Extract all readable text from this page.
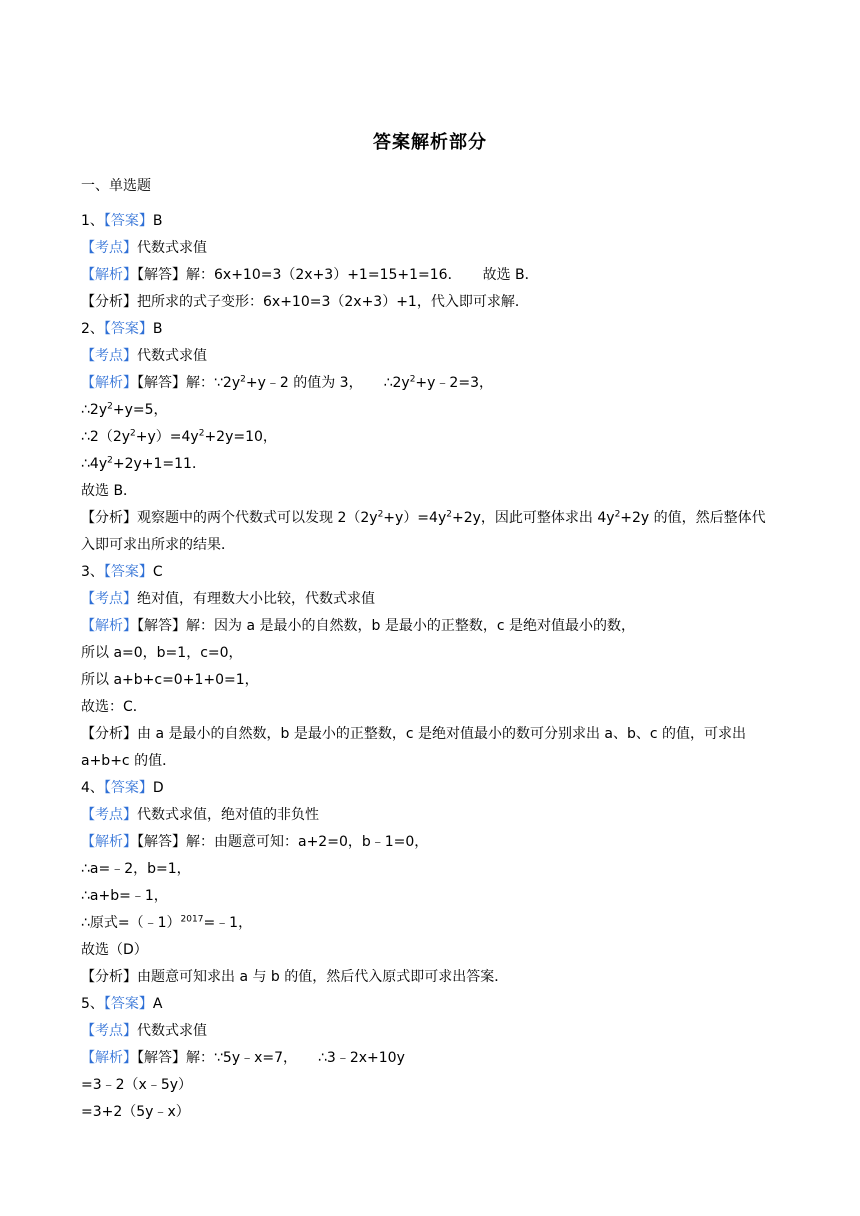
答案解析部分
一、单选题
1、【答案】B
【考点】代数式求值
【解析】【解答】解：6x+10=3（2x+3）+1=15+1=16．　　故选 B．
【分析】把所求的式子变形：6x+10=3（2x+3）+1，代入即可求解．
2、【答案】B
【考点】代数式求值
【解析】【解答】解：$\because 2y^2+y﹣2$ 的值为 3，　　$\therefore 2y^2+y﹣2=3$，
$\therefore 2y^2+y=5$，
$\therefore 2(2y^2+y)=4y^2+2y=10$，
$\therefore 4y^2+2y+1=11$．
故选 B．
【分析】观察题中的两个代数式可以发现 $2(2y^2+y)=4y^2+2y$，因此可整体求出 $4y^2+2y$ 的值，然后整体代
入即可求出所求的结果．
3、【答案】C
【考点】绝对值，有理数大小比较，代数式求值
【解析】【解答】解：因为 a 是最小的自然数，b 是最小的正整数，c 是绝对值最小的数，
所以 a=0，b=1，c=0，
所以 a+b+c=0+1+0=1，
故选：C．
【分析】由 a 是最小的自然数，b 是最小的正整数，c 是绝对值最小的数可分别求出 a、b、c 的值，可求出
a+b+c 的值．
4、【答案】D
【考点】代数式求值，绝对值的非负性
【解析】【解答】解：由题意可知：a+2=0，b﹣1=0，
∴a=﹣2，b=1，
∴a+b=﹣1，
∴原式=（﹣1）$^{2017}$=﹣1，
故选（D）
【分析】由题意可知求出 a 与 b 的值，然后代入原式即可求出答案．
5、【答案】A
【考点】代数式求值
【解析】【解答】解：∵5y﹣x=7，　　∴3﹣2x+10y
=3﹣2（x﹣5y）
=3+2（5y﹣x）
